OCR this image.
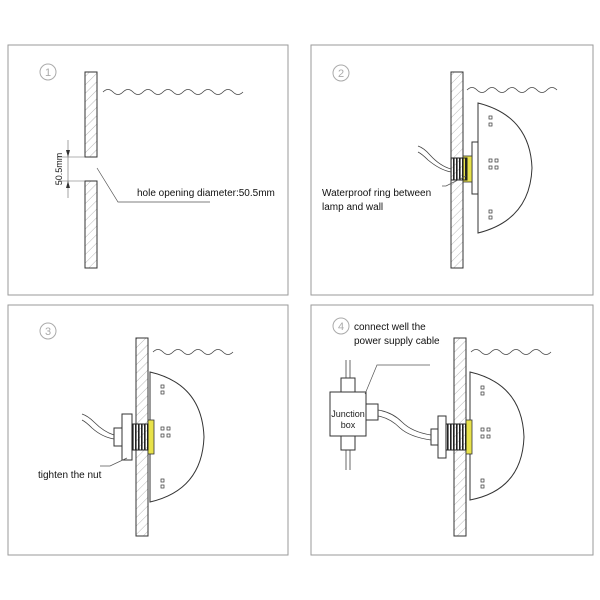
1
50.5mm
hole opening diameter:50.5mm
2
Waterproof ring between
lamp and wall
3
tighten the nut
4 connect well the
power supply cable
Junction
box
